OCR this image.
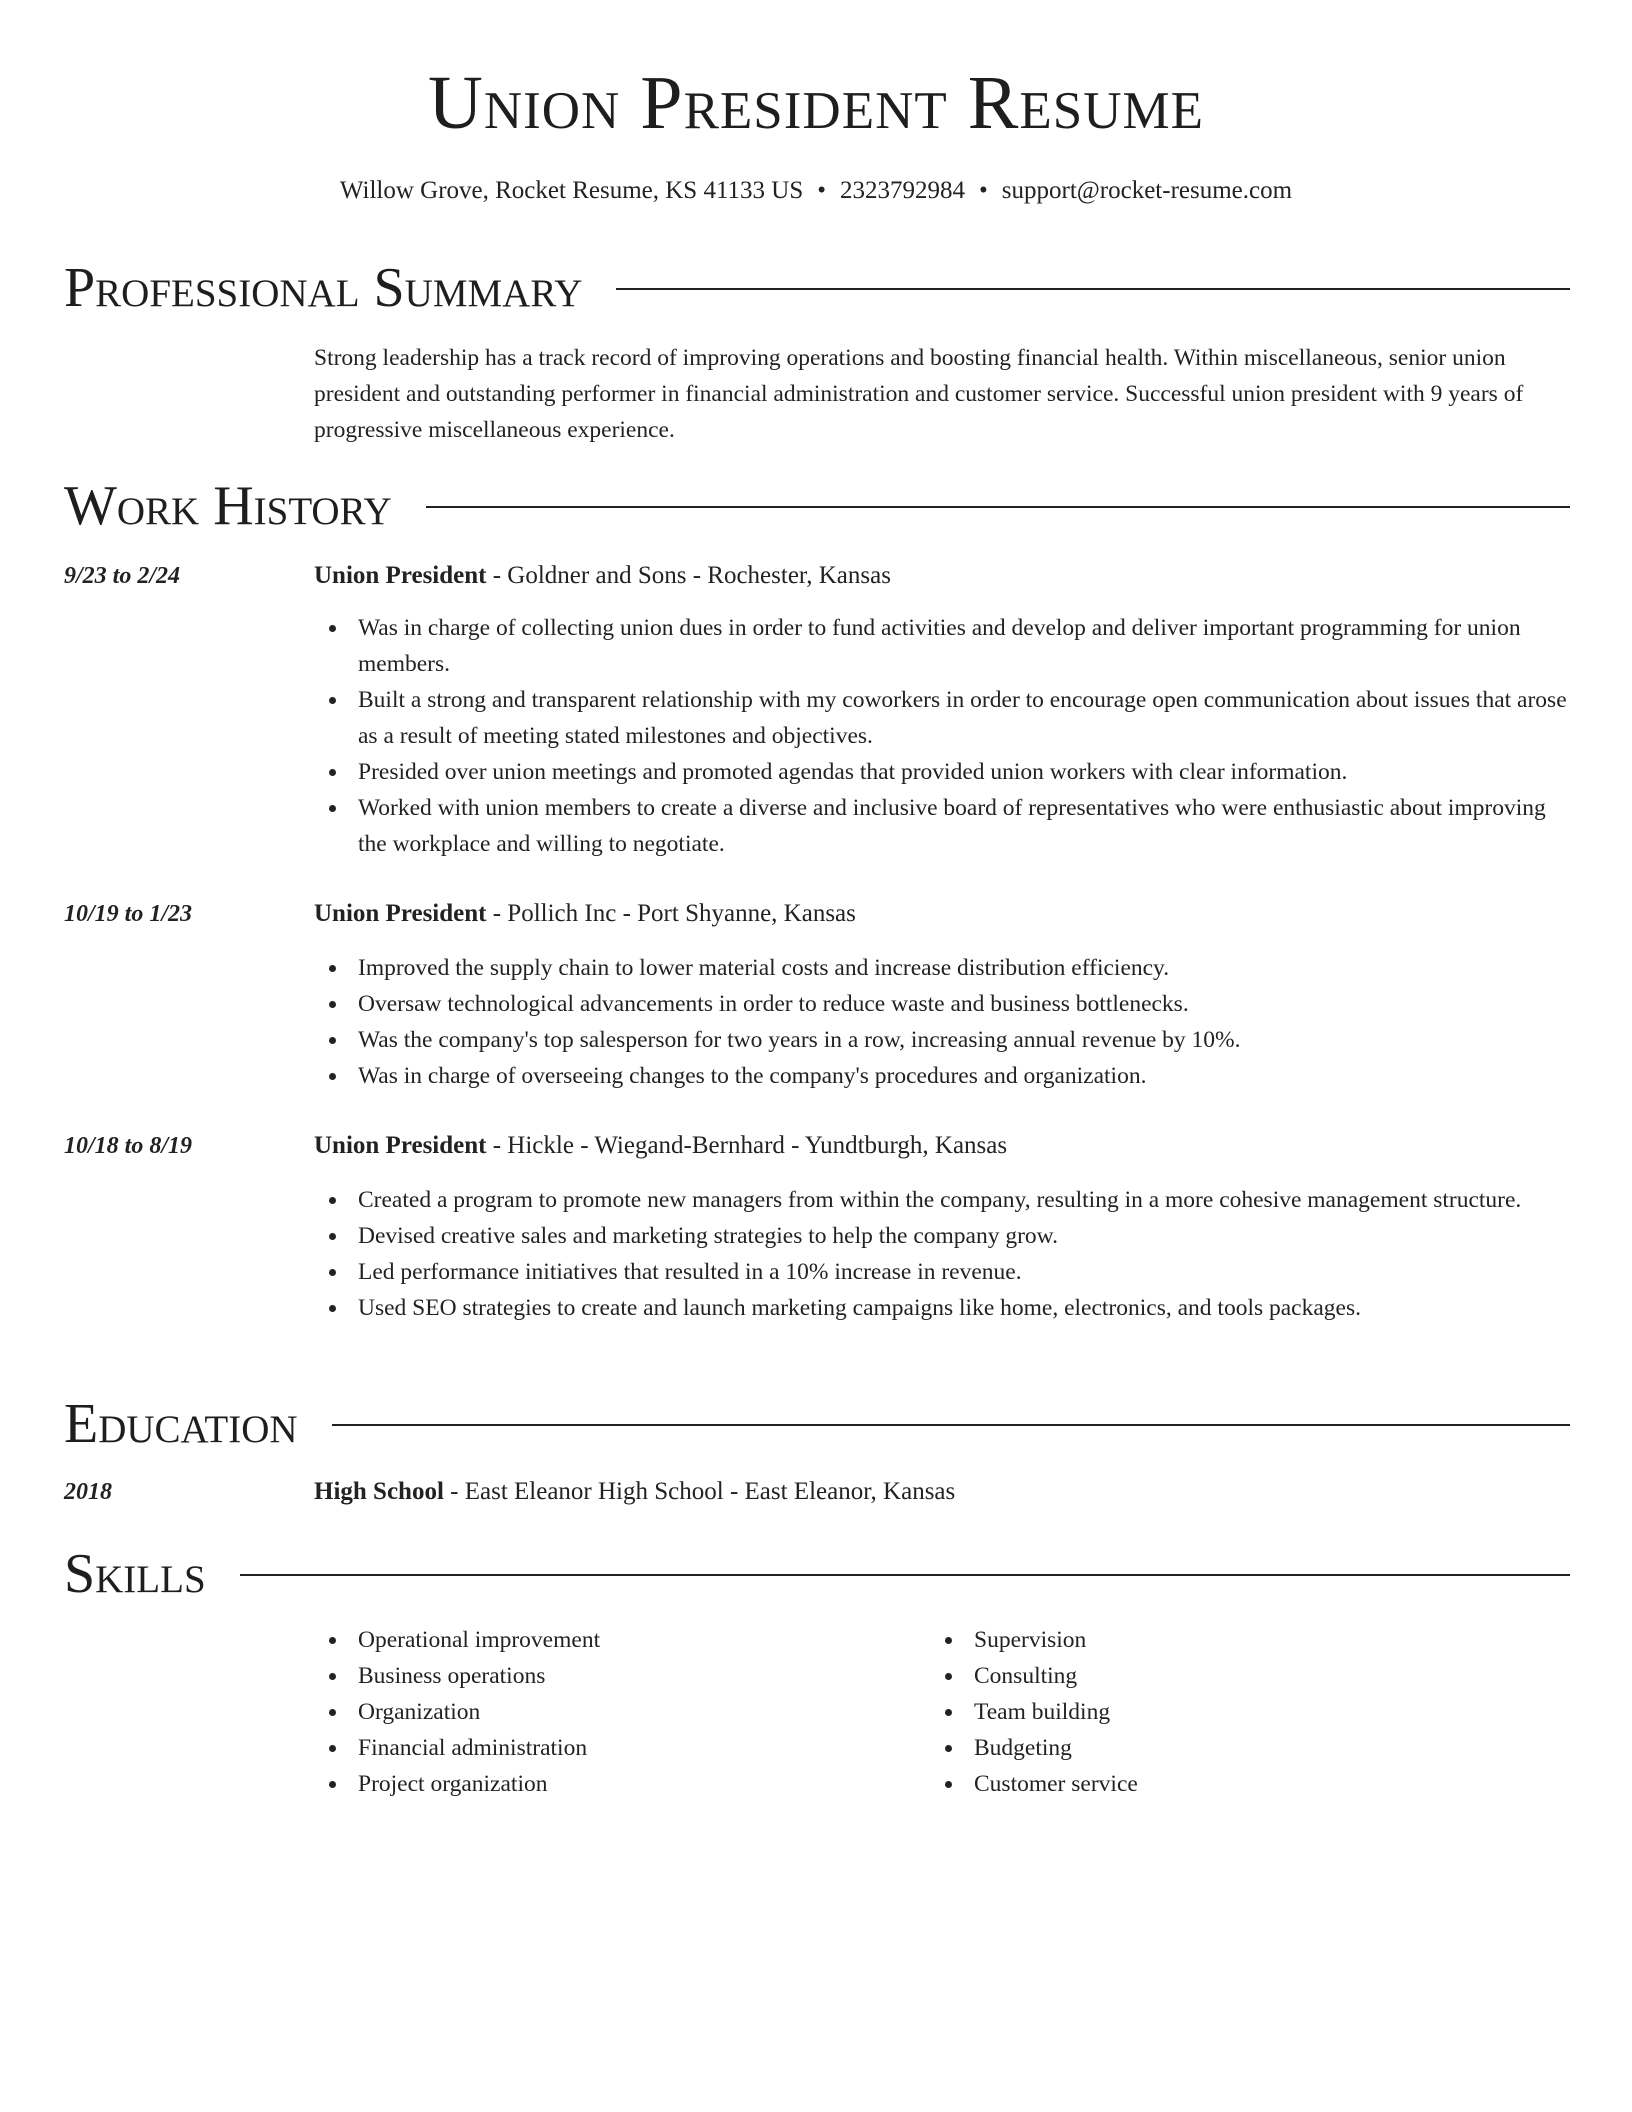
Union President Resume
Willow Grove, Rocket Resume, KS 41133 US • 2323792984 • support@rocket-resume.com
Professional Summary
Strong leadership has a track record of improving operations and boosting financial health. Within miscellaneous, senior union president and outstanding performer in financial administration and customer service. Successful union president with 9 years of progressive miscellaneous experience.
Work History
9/23 to 2/24	Union President - Goldner and Sons - Rochester, Kansas
Was in charge of collecting union dues in order to fund activities and develop and deliver important programming for union members.
Built a strong and transparent relationship with my coworkers in order to encourage open communication about issues that arose as a result of meeting stated milestones and objectives.
Presided over union meetings and promoted agendas that provided union workers with clear information.
Worked with union members to create a diverse and inclusive board of representatives who were enthusiastic about improving the workplace and willing to negotiate.
10/19 to 1/23	Union President - Pollich Inc - Port Shyanne, Kansas
Improved the supply chain to lower material costs and increase distribution efficiency.
Oversaw technological advancements in order to reduce waste and business bottlenecks.
Was the company's top salesperson for two years in a row, increasing annual revenue by 10%.
Was in charge of overseeing changes to the company's procedures and organization.
10/18 to 8/19	Union President - Hickle - Wiegand-Bernhard - Yundtburgh, Kansas
Created a program to promote new managers from within the company, resulting in a more cohesive management structure.
Devised creative sales and marketing strategies to help the company grow.
Led performance initiatives that resulted in a 10% increase in revenue.
Used SEO strategies to create and launch marketing campaigns like home, electronics, and tools packages.
Education
2018	High School - East Eleanor High School - East Eleanor, Kansas
Skills
Operational improvement
Business operations
Organization
Financial administration
Project organization
Supervision
Consulting
Team building
Budgeting
Customer service
